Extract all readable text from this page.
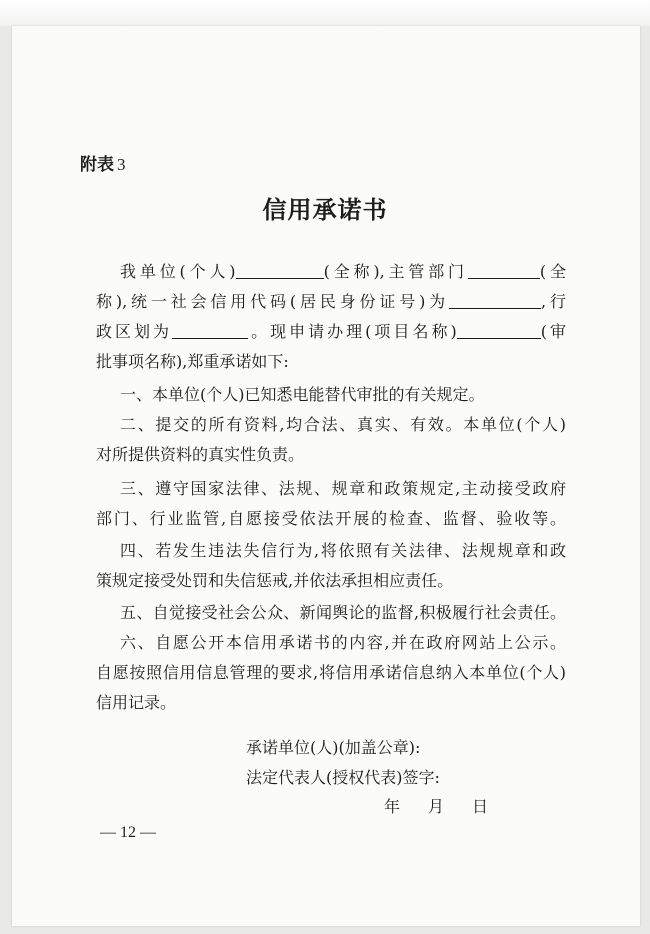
附表 3
信用承诺书
我单位(个人)	(全称),主管部门	(全
称),统一社会信用代码(居民身份证号)为	,行
政区划为	。现申请办理(项目名称)	(审
批事项名称),郑重承诺如下:
一、本单位(个人)已知悉电能替代审批的有关规定。
二、提交的所有资料,均合法、真实、有效。本单位(个人)
对所提供资料的真实性负责。
三、遵守国家法律、法规、规章和政策规定,主动接受政府
部门、行业监管,自愿接受依法开展的检查、监督、验收等。
四、若发生违法失信行为,将依照有关法律、法规规章和政
策规定接受处罚和失信惩戒,并依法承担相应责任。
五、自觉接受社会公众、新闻舆论的监督,积极履行社会责任。
六、自愿公开本信用承诺书的内容,并在政府网站上公示。
自愿按照信用信息管理的要求,将信用承诺信息纳入本单位(个人)
信用记录。
承诺单位(人)(加盖公章):
法定代表人(授权代表)签字:
年 月 日
— 12 —
